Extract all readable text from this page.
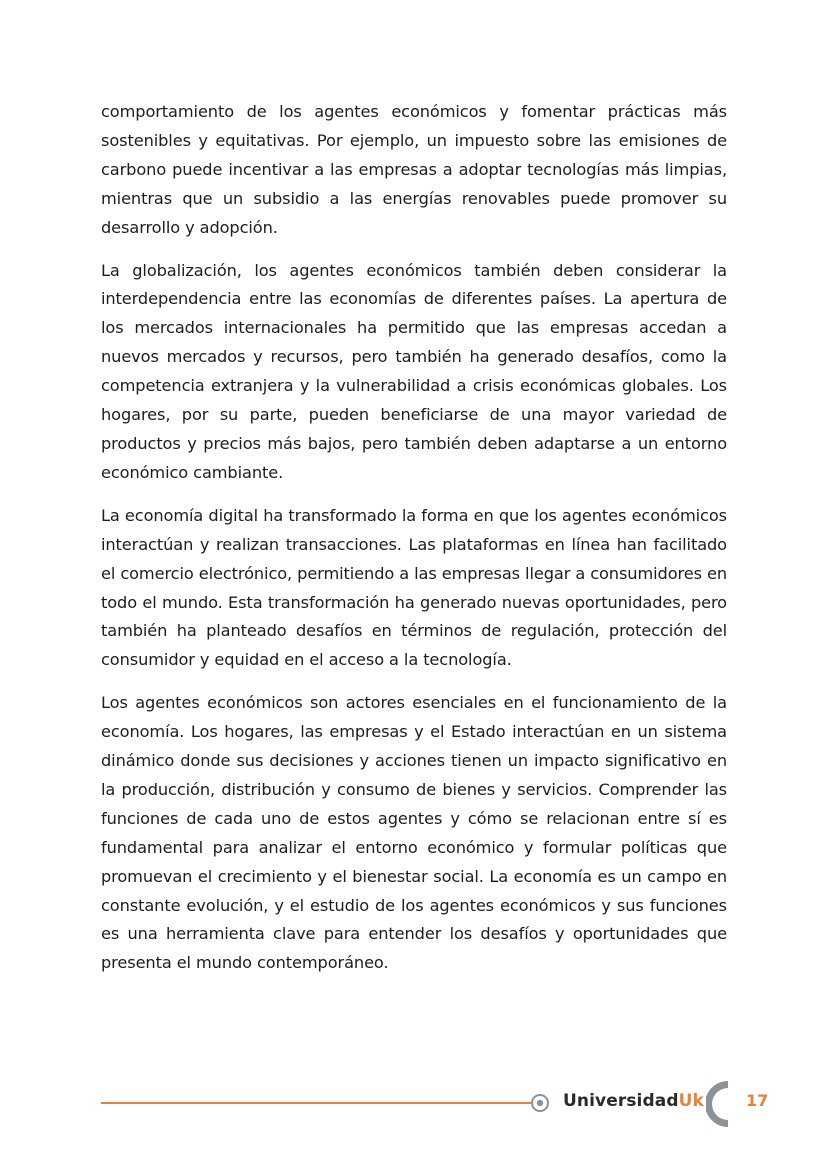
comportamiento de los agentes económicos y fomentar prácticas más sostenibles y equitativas. Por ejemplo, un impuesto sobre las emisiones de carbono puede incentivar a las empresas a adoptar tecnologías más limpias, mientras que un subsidio a las energías renovables puede promover su desarrollo y adopción.

La globalización, los agentes económicos también deben considerar la interdependencia entre las economías de diferentes países. La apertura de los mercados internacionales ha permitido que las empresas accedan a nuevos mercados y recursos, pero también ha generado desafíos, como la competencia extranjera y la vulnerabilidad a crisis económicas globales. Los hogares, por su parte, pueden beneficiarse de una mayor variedad de productos y precios más bajos, pero también deben adaptarse a un entorno económico cambiante.

La economía digital ha transformado la forma en que los agentes económicos interactúan y realizan transacciones. Las plataformas en línea han facilitado el comercio electrónico, permitiendo a las empresas llegar a consumidores en todo el mundo. Esta transformación ha generado nuevas oportunidades, pero también ha planteado desafíos en términos de regulación, protección del consumidor y equidad en el acceso a la tecnología.

Los agentes económicos son actores esenciales en el funcionamiento de la economía. Los hogares, las empresas y el Estado interactúan en un sistema dinámico donde sus decisiones y acciones tienen un impacto significativo en la producción, distribución y consumo de bienes y servicios. Comprender las funciones de cada uno de estos agentes y cómo se relacionan entre sí es fundamental para analizar el entorno económico y formular políticas que promuevan el crecimiento y el bienestar social. La economía es un campo en constante evolución, y el estudio de los agentes económicos y sus funciones es una herramienta clave para entender los desafíos y oportunidades que presenta el mundo contemporáneo.

UniversidadUk	17
